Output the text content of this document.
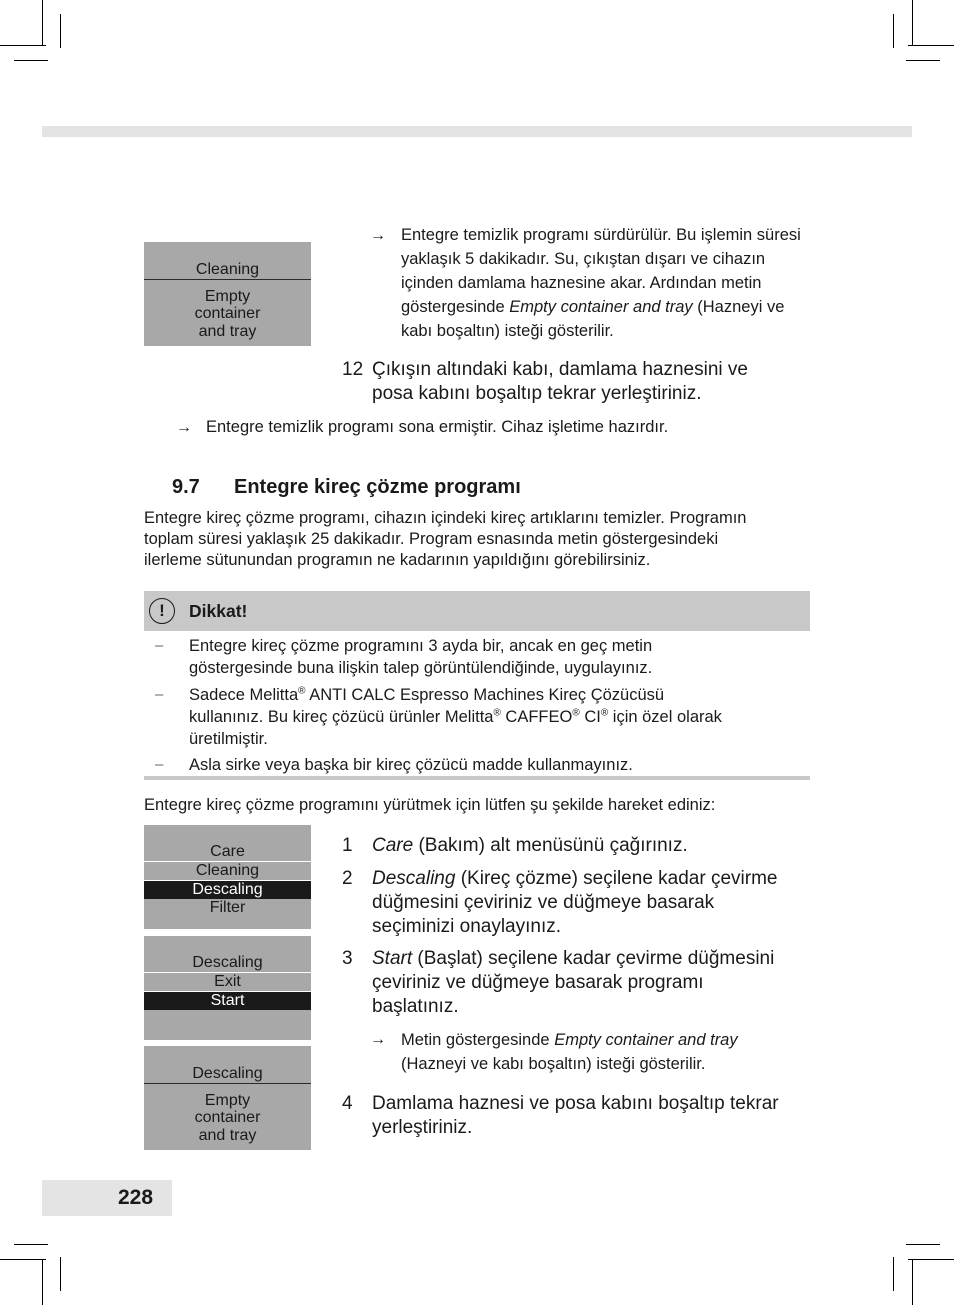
Cleaning
Empty
container
and tray
→ Entegre temizlik programı sürdürülür. Bu işlemin süresi yaklaşık 5 dakikadır. Su, çıkıştan dışarı ve cihazın içinden damlama haznesine akar. Ardından metin göstergesinde Empty container and tray (Hazneyi ve kabı boşaltın) isteği gösterilir.
12 Çıkışın altındaki kabı, damlama haznesini ve
posa kabını boşaltıp tekrar yerleştiriniz.
→ Entegre temizlik programı sona ermiştir. Cihaz işletime hazırdır.
9.7 Entegre kireç çözme programı
Entegre kireç çözme programı, cihazın içindeki kireç artıklarını temizler. Programın
toplam süresi yaklaşık 25 dakikadır. Program esnasında metin göstergesindeki
ilerleme sütunundan programın ne kadarının yapıldığını görebilirsiniz.
!	Dikkat!
– Entegre kireç çözme programını 3 ayda bir, ancak en geç metin
göstergesinde buna ilişkin talep görüntülendiğinde, uygulayınız.
– Sadece Melitta® ANTI CALC Espresso Machines Kireç Çözücüsü
kullanınız. Bu kireç çözücü ürünler Melitta® CAFFEO® CI® için özel olarak
üretilmiştir.
– Asla sirke veya başka bir kireç çözücü madde kullanmayınız.
Entegre kireç çözme programını yürütmek için lütfen şu şekilde hareket ediniz:
Care
Cleaning
Descaling
Filter
Descaling
Exit
Start
Descaling
Empty
container
and tray
1 Care (Bakım) alt menüsünü çağırınız.
2 Descaling (Kireç çözme) seçilene kadar çevirme
düğmesini çeviriniz ve düğmeye basarak
seçiminizi onaylayınız.
3 Start (Başlat) seçilene kadar çevirme düğmesini
çeviriniz ve düğmeye basarak programı
başlatınız.
→ Metin göstergesinde Empty container and tray
(Hazneyi ve kabı boşaltın) isteği gösterilir.
4 Damlama haznesi ve posa kabını boşaltıp tekrar
yerleştiriniz.
228
